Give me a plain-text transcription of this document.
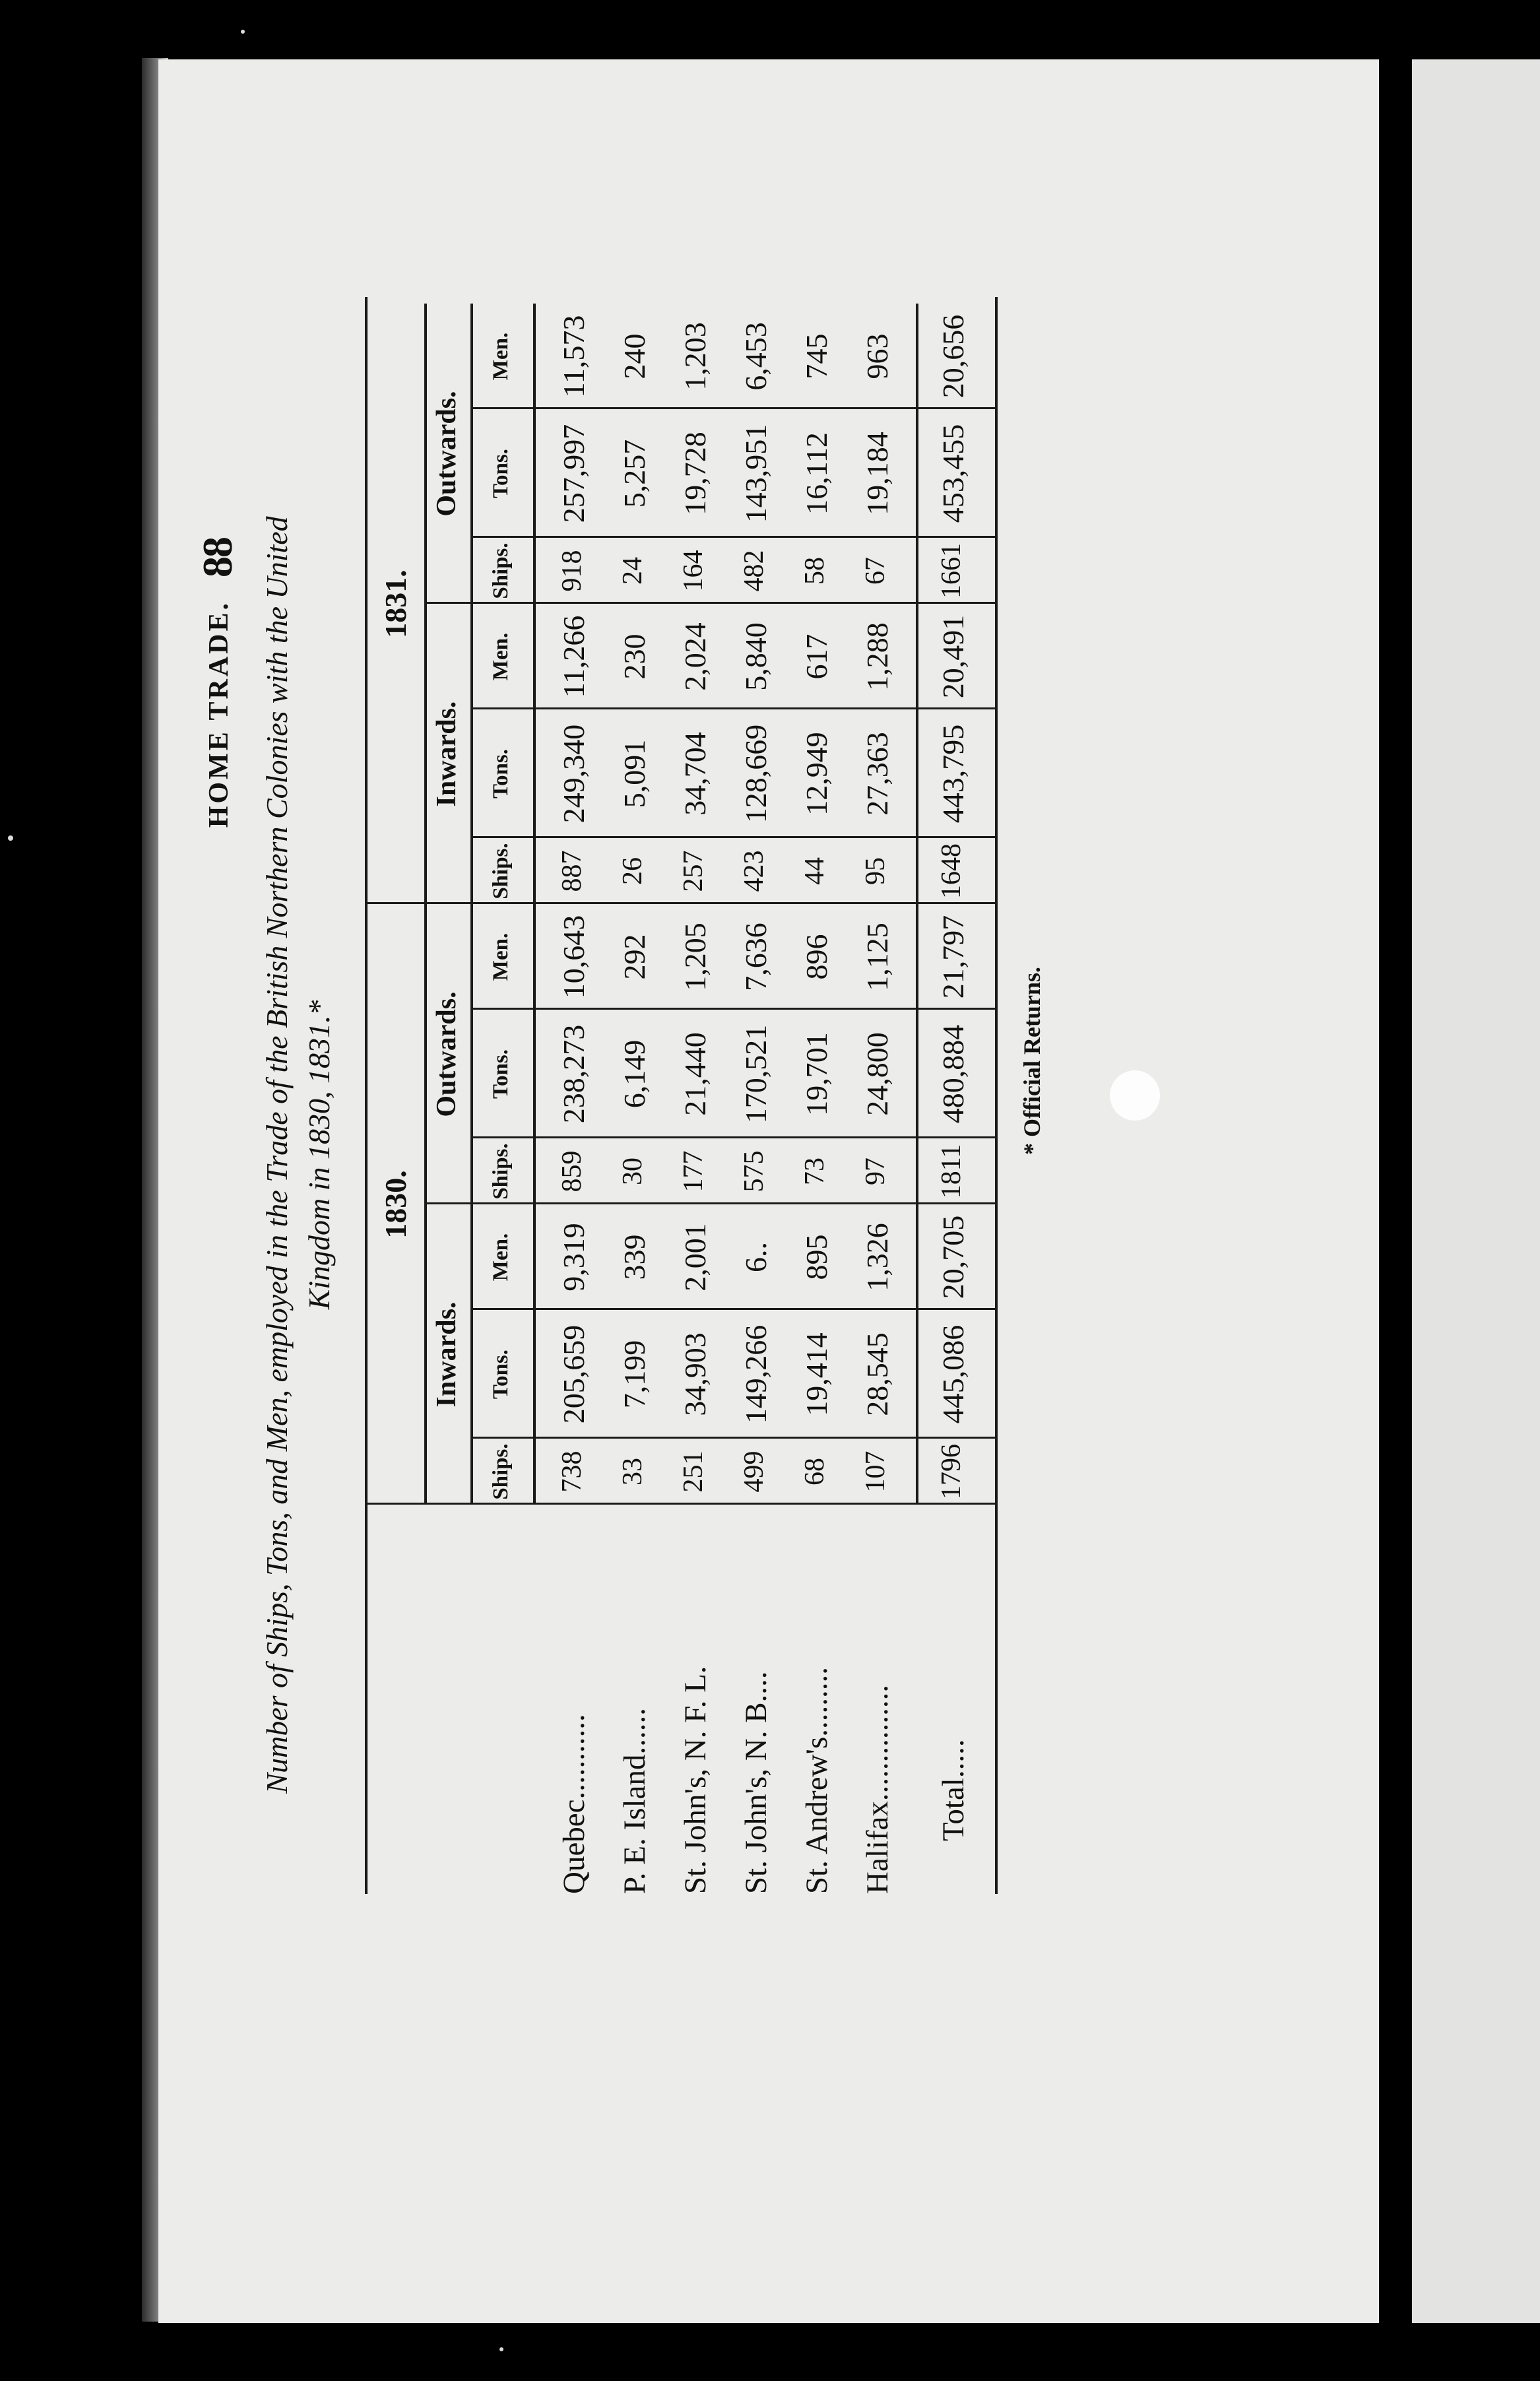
88
HOME TRADE. Number of Ships, Tons, and Men, employed in the Trade of the British Northern Colonies with the United Kingdom in 1830, 1831.* 1830.
1831.
Inwards.
Outwards.
Inwards.
Outwards.
Ships.
Tons.
Men.
Ships.
Tons.
Men.
Ships.
Tons.
Men.
Ships.
Tons.
Men.
Quebec........... P. E. Island...... St. John's, N. F. L. St. John's, N. B.... St. Andrew's......... Halifax............... Total.....
738
205,659
9,319
859
238,273
10,643
887
249,340
11,266
918
257,997
11,573
33
7,199
339
30
6,149
292
26
5,091
230
24
5,257
240
251
34,903
2,001
177
21,440
1,205
257
34,704
2,024
164
19,728
1,203
499
149,266
6..
575
170,521
7,636
423
128,669
5,840
482
143,951
6,453
68
19,414
895
73
19,701
896
44
12,949
617
58
16,112
745
107
28,545
1,326
97
24,800
1,125
95
27,363
1,288
67
19,184
963
1796
445,086
20,705
1811
480,884
21,797
1648
443,795
20,491
1661
453,455
20,656
* Official Returns.
